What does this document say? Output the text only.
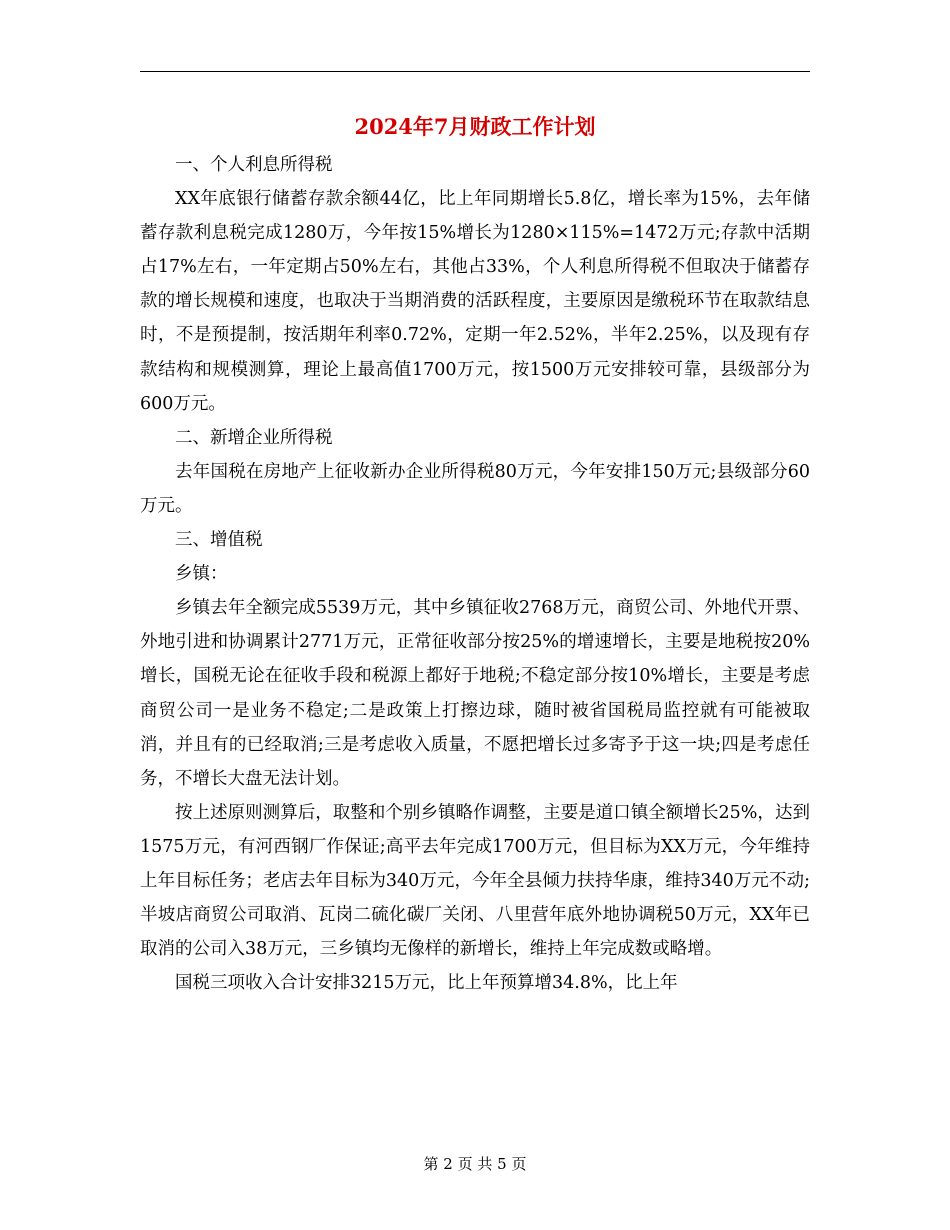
2024年7月财政工作计划

一、个人利息所得税

XX年底银行储蓄存款余额44亿，比上年同期增长5.8亿，增长率为15%，去年储蓄存款利息税完成1280万，今年按15%增长为1280×115%=1472万元;存款中活期占17%左右，一年定期占50%左右，其他占33%，个人利息所得税不但取决于储蓄存款的增长规模和速度，也取决于当期消费的活跃程度，主要原因是缴税环节在取款结息时，不是预提制，按活期年利率0.72%，定期一年2.52%，半年2.25%，以及现有存款结构和规模测算，理论上最高值1700万元，按1500万元安排较可靠，县级部分为600万元。

二、新增企业所得税

去年国税在房地产上征收新办企业所得税80万元，今年安排150万元;县级部分60万元。

三、增值税

乡镇：

乡镇去年全额完成5539万元，其中乡镇征收2768万元，商贸公司、外地代开票、外地引进和协调累计2771万元，正常征收部分按25%的增速增长，主要是地税按20%增长，国税无论在征收手段和税源上都好于地税;不稳定部分按10%增长，主要是考虑商贸公司一是业务不稳定;二是政策上打擦边球，随时被省国税局监控就有可能被取消，并且有的已经取消;三是考虑收入质量，不愿把增长过多寄予于这一块;四是考虑任务，不增长大盘无法计划。

按上述原则测算后，取整和个别乡镇略作调整，主要是道口镇全额增长25%，达到1575万元，有河西钢厂作保证;高平去年完成1700万元，但目标为XX万元，今年维持上年目标任务；老店去年目标为340万元，今年全县倾力扶持华康，维持340万元不动;半坡店商贸公司取消、瓦岗二硫化碳厂关闭、八里营年底外地协调税50万元，XX年已取消的公司入38万元，三乡镇均无像样的新增长，维持上年完成数或略增。

国税三项收入合计安排3215万元，比上年预算增34.8%，比上年

第 2 页 共 5 页
